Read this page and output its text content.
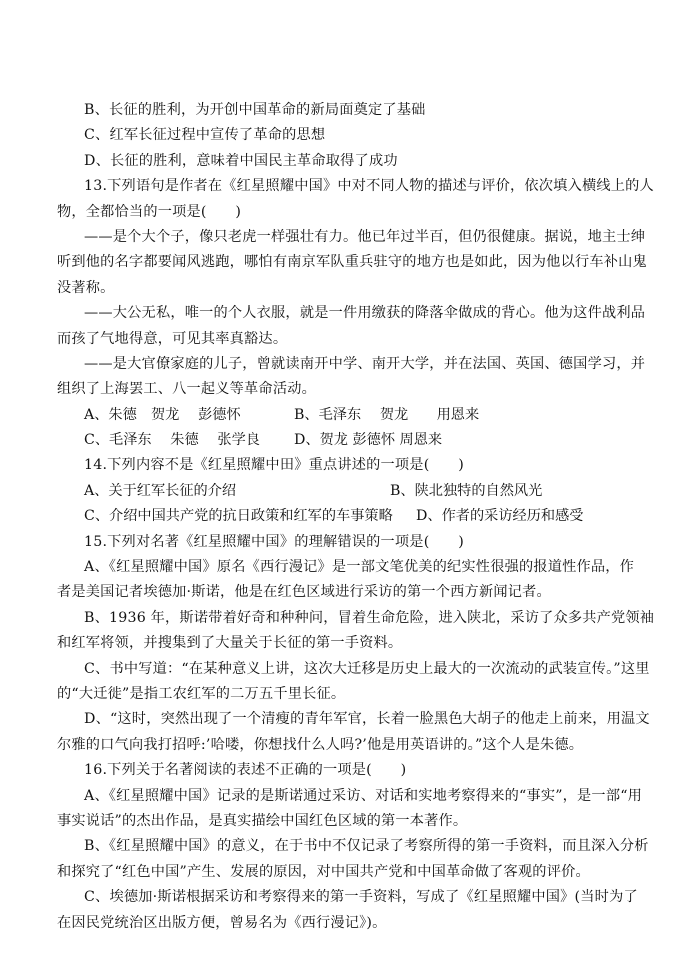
B、长征的胜利，为开创中国革命的新局面奠定了基础
C、红军长征过程中宣传了革命的思想
D、长征的胜利，意味着中国民主革命取得了成功
13.下列语句是作者在《红星照耀中国》中对不同人物的描述与评价，依次填入横线上的人
物，全都恰当的一项是(　　)
——是个大个子，像只老虎一样强壮有力。他已年过半百，但仍很健康。据说，地主士绅
听到他的名字都要闻风逃跑，哪怕有南京军队重兵驻守的地方也是如此，因为他以行车补山鬼
没著称。
——大公无私，唯一的个人衣服，就是一件用缴获的降落伞做成的背心。他为这件战利品
而孩了气地得意，可见其率真豁达。
——是大官僚家庭的儿子，曾就读南开中学、南开大学，并在法国、英国、德国学习，并
组织了上海罢工、八一起义等革命活动。
A、朱德　贺龙　 彭德怀	B、毛泽东　 贺龙　　用恩来
C、毛泽东　 朱德　 张学良 D、贺龙 彭德怀 周恩来
14.下列内容不是《红星照耀中田》重点讲述的一项是(　　)
A、关于红军长征的介绍	B、陕北独特的自然风光
C、介绍中国共产党的抗日政策和红军的车事策略 D、作者的采访经历和感受
15.下列对名著《红星照耀中国》的理解错误的一项是(　　)
A、《红星照耀中国》原名《西行漫记》是一部文笔优美的纪实性很强的报道性作品，作
者是美国记者埃德加·斯诺，他是在红色区域进行采访的第一个西方新闻记者。
B、1936 年，斯诺带着好奇和种种问，冒着生命危险，进入陕北，采访了众多共产党领袖
和红军将领，并搜集到了大量关于长征的第一手资料。
C、书中写道：“在某种意义上讲，这次大迁移是历史上最大的一次流动的武装宣传。”这里
的“大迁徙”是指工农红军的二万五千里长征。
D、“这时，突然出现了一个清瘦的青年军官，长着一脸黑色大胡子的他走上前来，用温文
尔雅的口气向我打招呼:’哈喽，你想找什么人吗?’他是用英语讲的。”这个人是朱德。
16.下列关于名著阅读的表述不正确的一项是(　　)
A、《红星照耀中国》记录的是斯诺通过采访、对话和实地考察得来的“事实”，是一部“用
事实说话”的杰出作品，是真实描绘中国红色区域的第一本著作。
B、《红星照耀中国》的意义，在于书中不仅记录了考察所得的第一手资料，而且深入分析
和探究了“红色中国”产生、发展的原因，对中国共产党和中国革命做了客观的评价。
C、埃德加·斯诺根据采访和考察得来的第一手资料，写成了《红星照耀中国》(当时为了
在因民党统治区出版方便，曾易名为《西行漫记》)。
